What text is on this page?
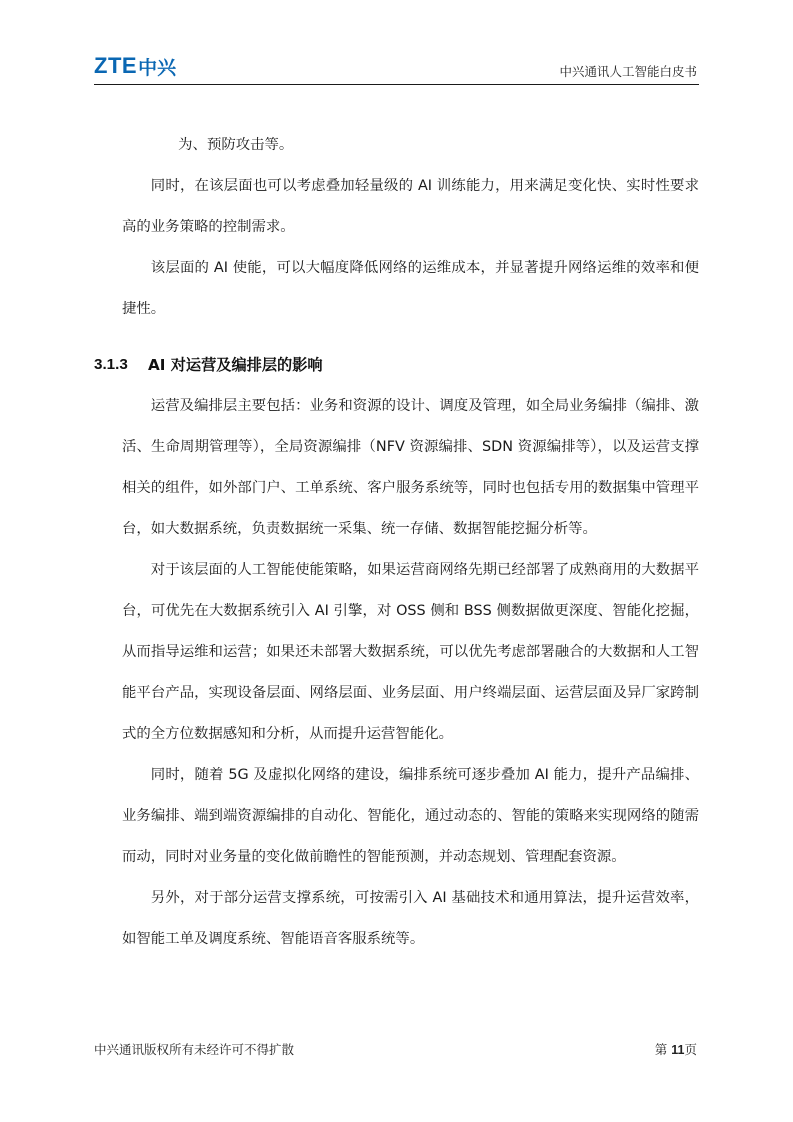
ZTE 中兴	中兴通讯人工智能白皮书

为、预防攻击等。

同时，在该层面也可以考虑叠加轻量级的 AI 训练能力，用来满足变化快、实时性要求高的业务策略的控制需求。

该层面的 AI 使能，可以大幅度降低网络的运维成本，并显著提升网络运维的效率和便捷性。

3.1.3	AI 对运营及编排层的影响

运营及编排层主要包括：业务和资源的设计、调度及管理，如全局业务编排（编排、激活、生命周期管理等），全局资源编排（NFV 资源编排、SDN 资源编排等），以及运营支撑相关的组件，如外部门户、工单系统、客户服务系统等，同时也包括专用的数据集中管理平台，如大数据系统，负责数据统一采集、统一存储、数据智能挖掘分析等。

对于该层面的人工智能使能策略，如果运营商网络先期已经部署了成熟商用的大数据平台，可优先在大数据系统引入 AI 引擎，对 OSS 侧和 BSS 侧数据做更深度、智能化挖掘，从而指导运维和运营；如果还未部署大数据系统，可以优先考虑部署融合的大数据和人工智能平台产品，实现设备层面、网络层面、业务层面、用户终端层面、运营层面及异厂家跨制式的全方位数据感知和分析，从而提升运营智能化。

同时，随着 5G 及虚拟化网络的建设，编排系统可逐步叠加 AI 能力，提升产品编排、业务编排、端到端资源编排的自动化、智能化，通过动态的、智能的策略来实现网络的随需而动，同时对业务量的变化做前瞻性的智能预测，并动态规划、管理配套资源。

另外，对于部分运营支撑系统，可按需引入 AI 基础技术和通用算法，提升运营效率，如智能工单及调度系统、智能语音客服系统等。

中兴通讯版权所有未经许可不得扩散	第 11页
